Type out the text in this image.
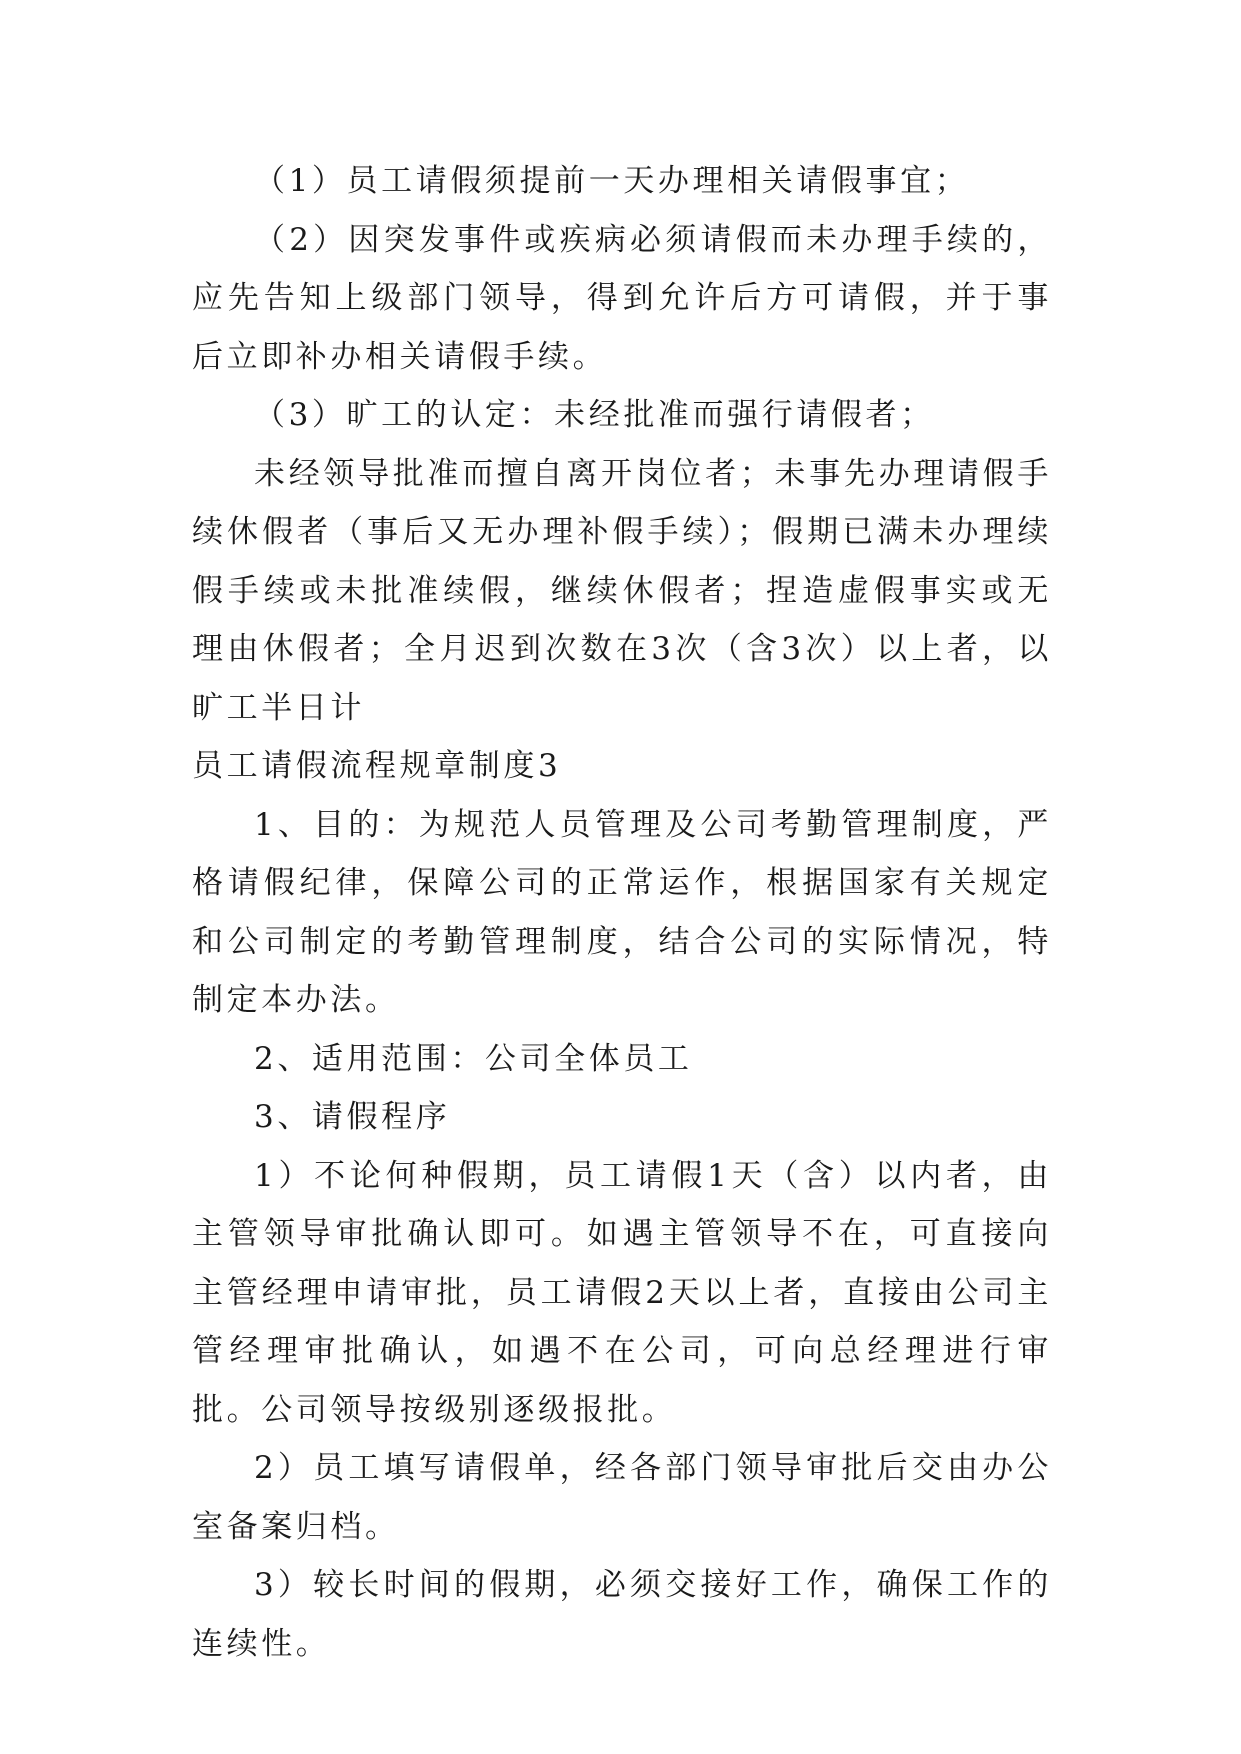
（1）员工请假须提前一天办理相关请假事宜；

（2）因突发事件或疾病必须请假而未办理手续的，应先告知上级部门领导，得到允许后方可请假，并于事后立即补办相关请假手续。

（3）旷工的认定：未经批准而强行请假者；

未经领导批准而擅自离开岗位者；未事先办理请假手续休假者（事后又无办理补假手续）；假期已满未办理续假手续或未批准续假，继续休假者；捏造虚假事实或无理由休假者；全月迟到次数在3次（含3次）以上者，以旷工半日计

员工请假流程规章制度3

1、目的：为规范人员管理及公司考勤管理制度，严格请假纪律，保障公司的正常运作，根据国家有关规定和公司制定的考勤管理制度，结合公司的实际情况，特制定本办法。

2、适用范围：公司全体员工

3、请假程序

1）不论何种假期，员工请假1天（含）以内者，由主管领导审批确认即可。如遇主管领导不在，可直接向主管经理申请审批，员工请假2天以上者，直接由公司主管经理审批确认，如遇不在公司，可向总经理进行审批。公司领导按级别逐级报批。

2）员工填写请假单，经各部门领导审批后交由办公室备案归档。

3）较长时间的假期，必须交接好工作，确保工作的连续性。
